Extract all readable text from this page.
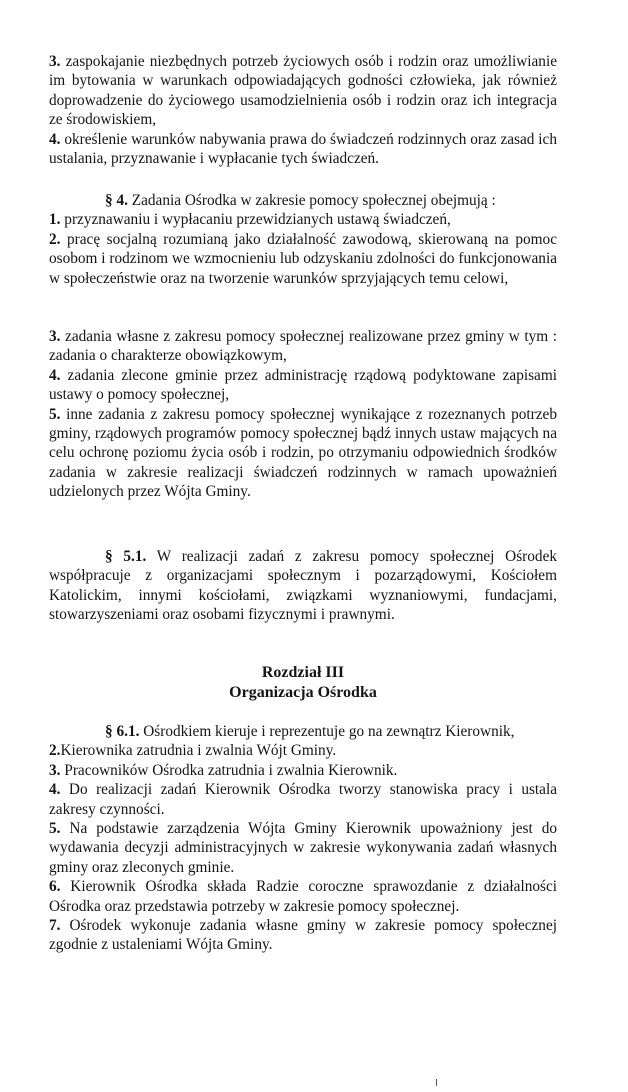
3. zaspokajanie niezbędnych potrzeb życiowych osób i rodzin oraz umożliwianie im bytowania w warunkach odpowiadających godności człowieka, jak również doprowadzenie do życiowego usamodzielnienia osób i rodzin oraz ich integracja ze środowiskiem,

4. określenie warunków nabywania prawa do świadczeń rodzinnych oraz zasad ich ustalania, przyznawanie i wypłacanie tych świadczeń.

§ 4. Zadania Ośrodka w zakresie pomocy społecznej obejmują :

1. przyznawaniu i wypłacaniu przewidzianych ustawą świadczeń,

2. pracę socjalną rozumianą jako działalność zawodową, skierowaną na pomoc osobom i rodzinom we wzmocnieniu lub odzyskaniu zdolności do funkcjonowania w społeczeństwie oraz na tworzenie warunków sprzyjających temu celowi,

3. zadania własne z zakresu pomocy społecznej realizowane przez gminy w tym : zadania o charakterze obowiązkowym,

4. zadania zlecone gminie przez administrację rządową podyktowane zapisami ustawy o pomocy społecznej,

5. inne zadania z zakresu pomocy społecznej wynikające z rozeznanych potrzeb gminy, rządowych programów pomocy społecznej bądź innych ustaw mających na celu ochronę poziomu życia osób i rodzin, po otrzymaniu odpowiednich środków zadania w zakresie realizacji świadczeń rodzinnych w ramach upoważnień udzielonych przez Wójta Gminy.

§ 5.1. W realizacji zadań z zakresu pomocy społecznej Ośrodek współpracuje z organizacjami społecznym i pozarządowymi, Kościołem Katolickim, innymi kościołami, związkami wyznaniowymi, fundacjami, stowarzyszeniami oraz osobami fizycznymi i prawnymi.

Rozdział III
Organizacja Ośrodka

§ 6.1. Ośrodkiem kieruje i reprezentuje go na zewnątrz Kierownik,

2.Kierownika zatrudnia i zwalnia Wójt Gminy.

3. Pracowników Ośrodka zatrudnia i zwalnia Kierownik.

4. Do realizacji zadań Kierownik Ośrodka tworzy stanowiska pracy i ustala zakresy czynności.

5. Na podstawie zarządzenia Wójta Gminy Kierownik upoważniony jest do wydawania decyzji administracyjnych w zakresie wykonywania zadań własnych gminy oraz zleconych gminie.

6. Kierownik Ośrodka składa Radzie coroczne sprawozdanie z działalności Ośrodka oraz przedstawia potrzeby w zakresie pomocy społecznej.

7. Ośrodek wykonuje zadania własne gminy w zakresie pomocy społecznej zgodnie z ustaleniami Wójta Gminy.
